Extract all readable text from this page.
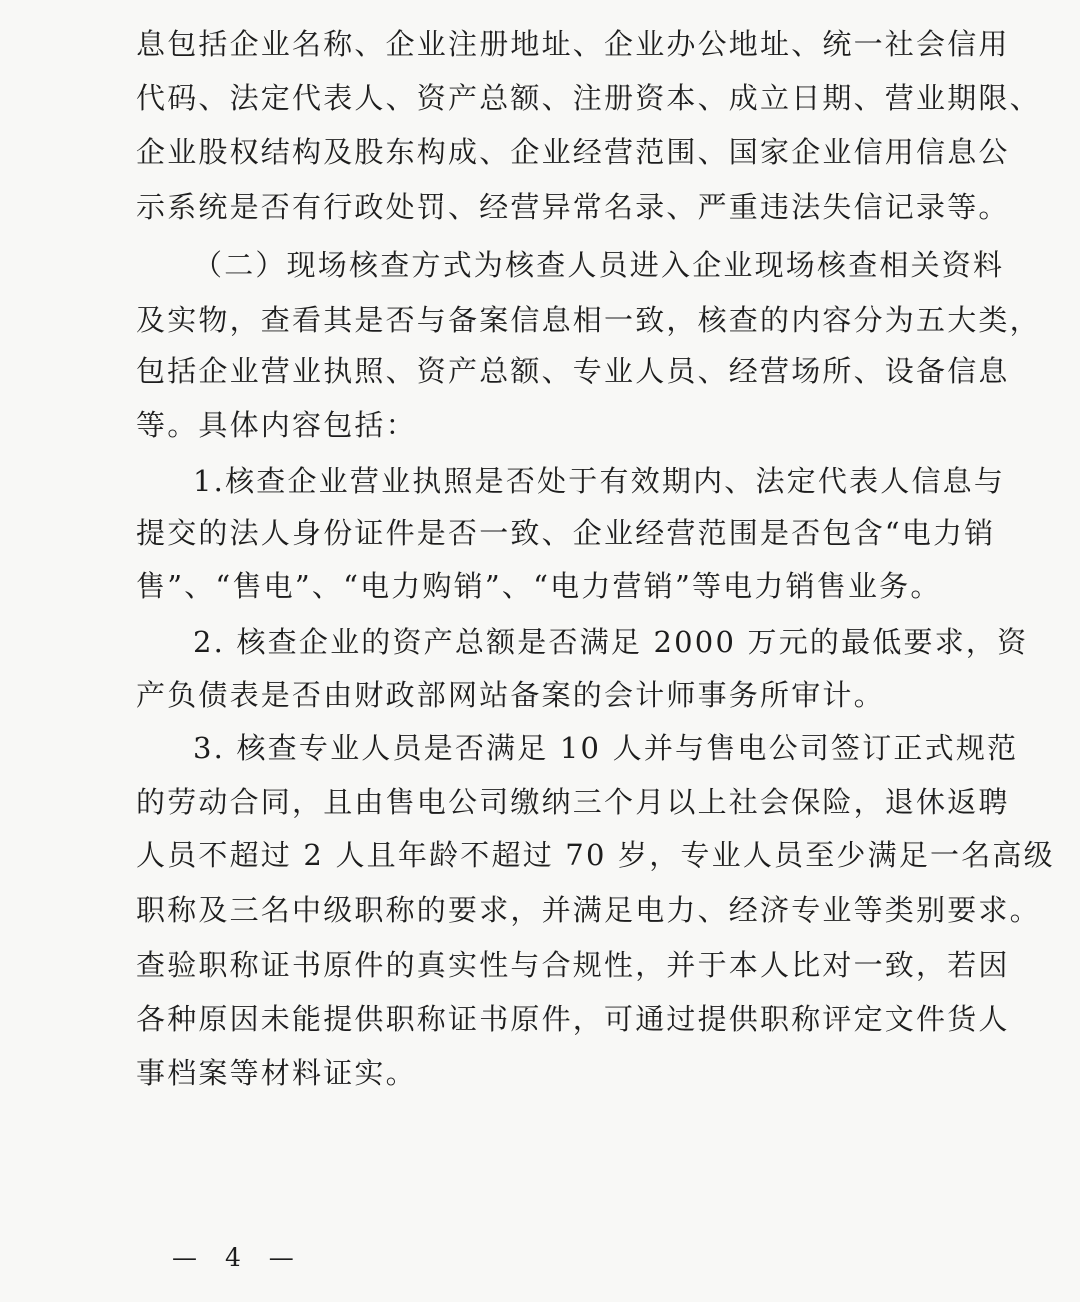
息包括企业名称、企业注册地址、企业办公地址、统一社会信用
代码、法定代表人、资产总额、注册资本、成立日期、营业期限、
企业股权结构及股东构成、企业经营范围、国家企业信用信息公
示系统是否有行政处罚、经营异常名录、严重违法失信记录等。
（二）现场核查方式为核查人员进入企业现场核查相关资料
及实物，查看其是否与备案信息相一致，核查的内容分为五大类，
包括企业营业执照、资产总额、专业人员、经营场所、设备信息
等。具体内容包括：
1.核查企业营业执照是否处于有效期内、法定代表人信息与
提交的法人身份证件是否一致、企业经营范围是否包含“电力销
售”、“售电”、“电力购销”、“电力营销”等电力销售业务。
2. 核查企业的资产总额是否满足 2000 万元的最低要求，资
产负债表是否由财政部网站备案的会计师事务所审计。
3. 核查专业人员是否满足 10 人并与售电公司签订正式规范
的劳动合同，且由售电公司缴纳三个月以上社会保险，退休返聘
人员不超过 2 人且年龄不超过 70 岁，专业人员至少满足一名高级
职称及三名中级职称的要求，并满足电力、经济专业等类别要求。
查验职称证书原件的真实性与合规性，并于本人比对一致，若因
各种原因未能提供职称证书原件，可通过提供职称评定文件货人
事档案等材料证实。
— 4 —
